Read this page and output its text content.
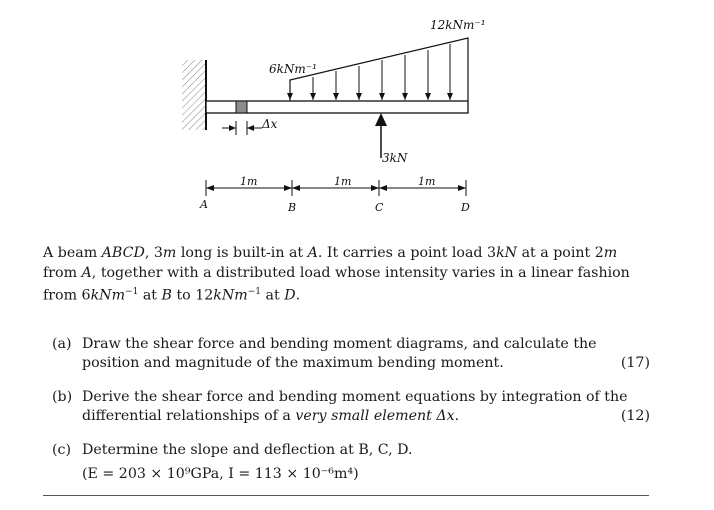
Δx
12kNm⁻¹
6kNm⁻¹
3kN
1m	1m	1m
A	B	C	D
A beam ABCD, 3m long is built-in at A. It carries a point load 3kN at a point 2m from A, together with a distributed load whose intensity varies in a linear fashion from 6kNm$^{-1}$ at B to 12kNm$^{-1}$ at D.
(a) Draw the shear force and bending moment diagrams, and calculate the position and magnitude of the maximum bending moment.	(17)
(b) Derive the shear force and bending moment equations by integration of the differential relationships of a very small element Δx.	(12)
(c) Determine the slope and deflection at B, C, D.
(E = 203 × 10⁹GPa, I = 113 × 10⁻⁶m⁴)
